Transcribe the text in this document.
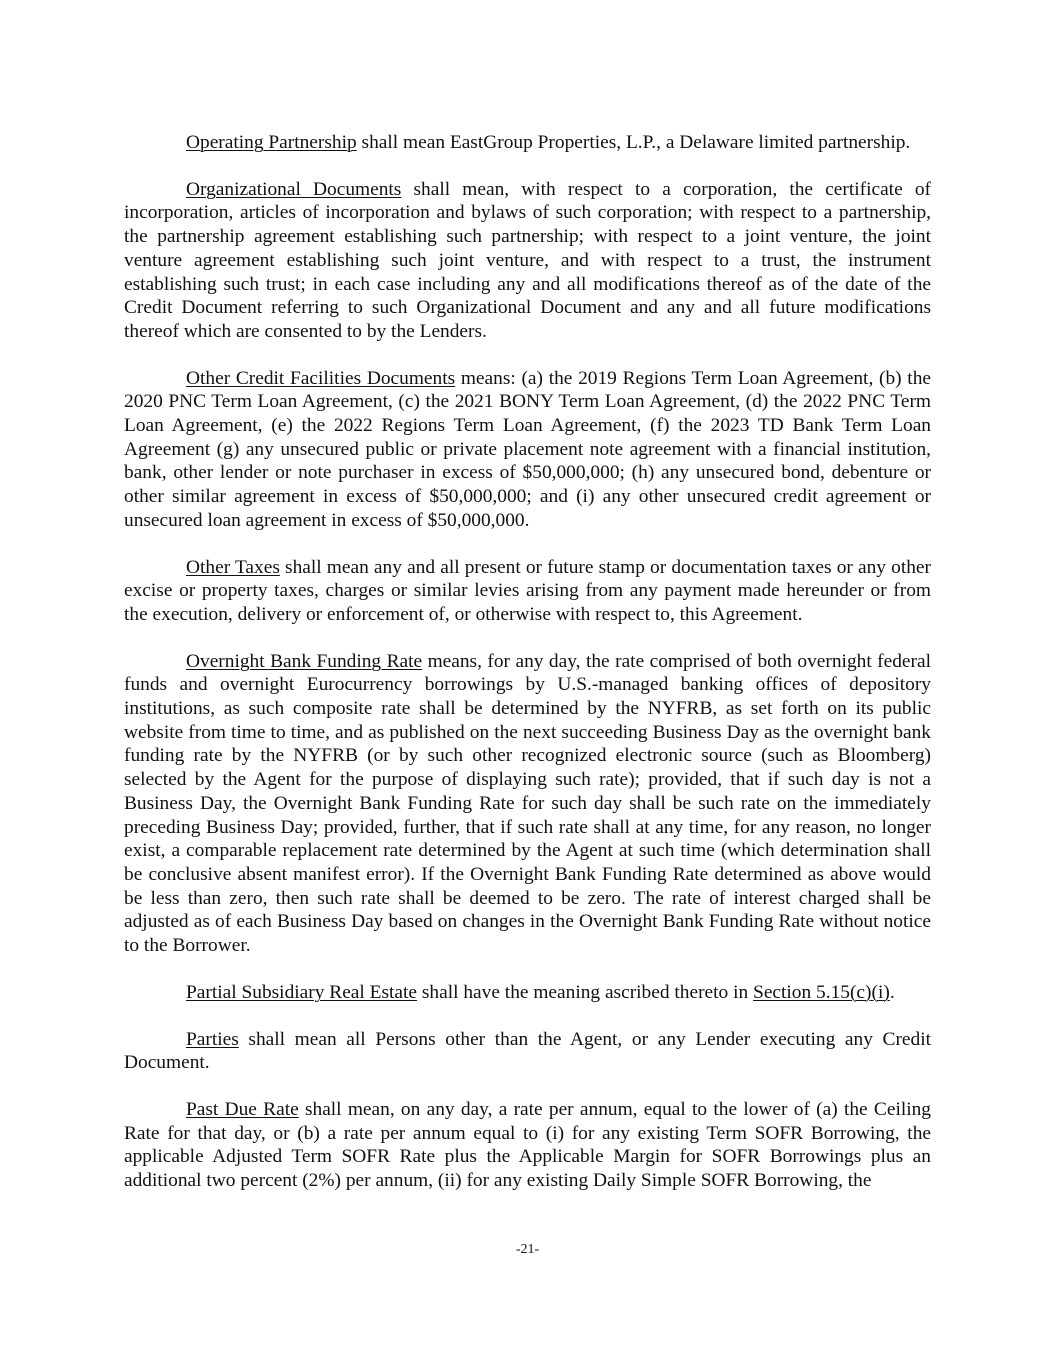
Operating Partnership shall mean EastGroup Properties, L.P., a Delaware limited partnership.

Organizational Documents shall mean, with respect to a corporation, the certificate of incorporation, articles of incorporation and bylaws of such corporation; with respect to a partnership, the partnership agreement establishing such partnership; with respect to a joint venture, the joint venture agreement establishing such joint venture, and with respect to a trust, the instrument establishing such trust; in each case including any and all modifications thereof as of the date of the Credit Document referring to such Organizational Document and any and all future modifications thereof which are consented to by the Lenders.

Other Credit Facilities Documents means: (a) the 2019 Regions Term Loan Agreement, (b) the 2020 PNC Term Loan Agreement, (c) the 2021 BONY Term Loan Agreement, (d) the 2022 PNC Term Loan Agreement, (e) the 2022 Regions Term Loan Agreement, (f) the 2023 TD Bank Term Loan Agreement (g) any unsecured public or private placement note agreement with a financial institution, bank, other lender or note purchaser in excess of $50,000,000; (h) any unsecured bond, debenture or other similar agreement in excess of $50,000,000; and (i) any other unsecured credit agreement or unsecured loan agreement in excess of $50,000,000.

Other Taxes shall mean any and all present or future stamp or documentation taxes or any other excise or property taxes, charges or similar levies arising from any payment made hereunder or from the execution, delivery or enforcement of, or otherwise with respect to, this Agreement.

Overnight Bank Funding Rate means, for any day, the rate comprised of both overnight federal funds and overnight Eurocurrency borrowings by U.S.-managed banking offices of depository institutions, as such composite rate shall be determined by the NYFRB, as set forth on its public website from time to time, and as published on the next succeeding Business Day as the overnight bank funding rate by the NYFRB (or by such other recognized electronic source (such as Bloomberg) selected by the Agent for the purpose of displaying such rate); provided, that if such day is not a Business Day, the Overnight Bank Funding Rate for such day shall be such rate on the immediately preceding Business Day; provided, further, that if such rate shall at any time, for any reason, no longer exist, a comparable replacement rate determined by the Agent at such time (which determination shall be conclusive absent manifest error). If the Overnight Bank Funding Rate determined as above would be less than zero, then such rate shall be deemed to be zero. The rate of interest charged shall be adjusted as of each Business Day based on changes in the Overnight Bank Funding Rate without notice to the Borrower.

Partial Subsidiary Real Estate shall have the meaning ascribed thereto in Section 5.15(c)(i).

Parties shall mean all Persons other than the Agent, or any Lender executing any Credit Document.

Past Due Rate shall mean, on any day, a rate per annum, equal to the lower of (a) the Ceiling Rate for that day, or (b) a rate per annum equal to (i) for any existing Term SOFR Borrowing, the applicable Adjusted Term SOFR Rate plus the Applicable Margin for SOFR Borrowings plus an additional two percent (2%) per annum, (ii) for any existing Daily Simple SOFR Borrowing, the

-21-
